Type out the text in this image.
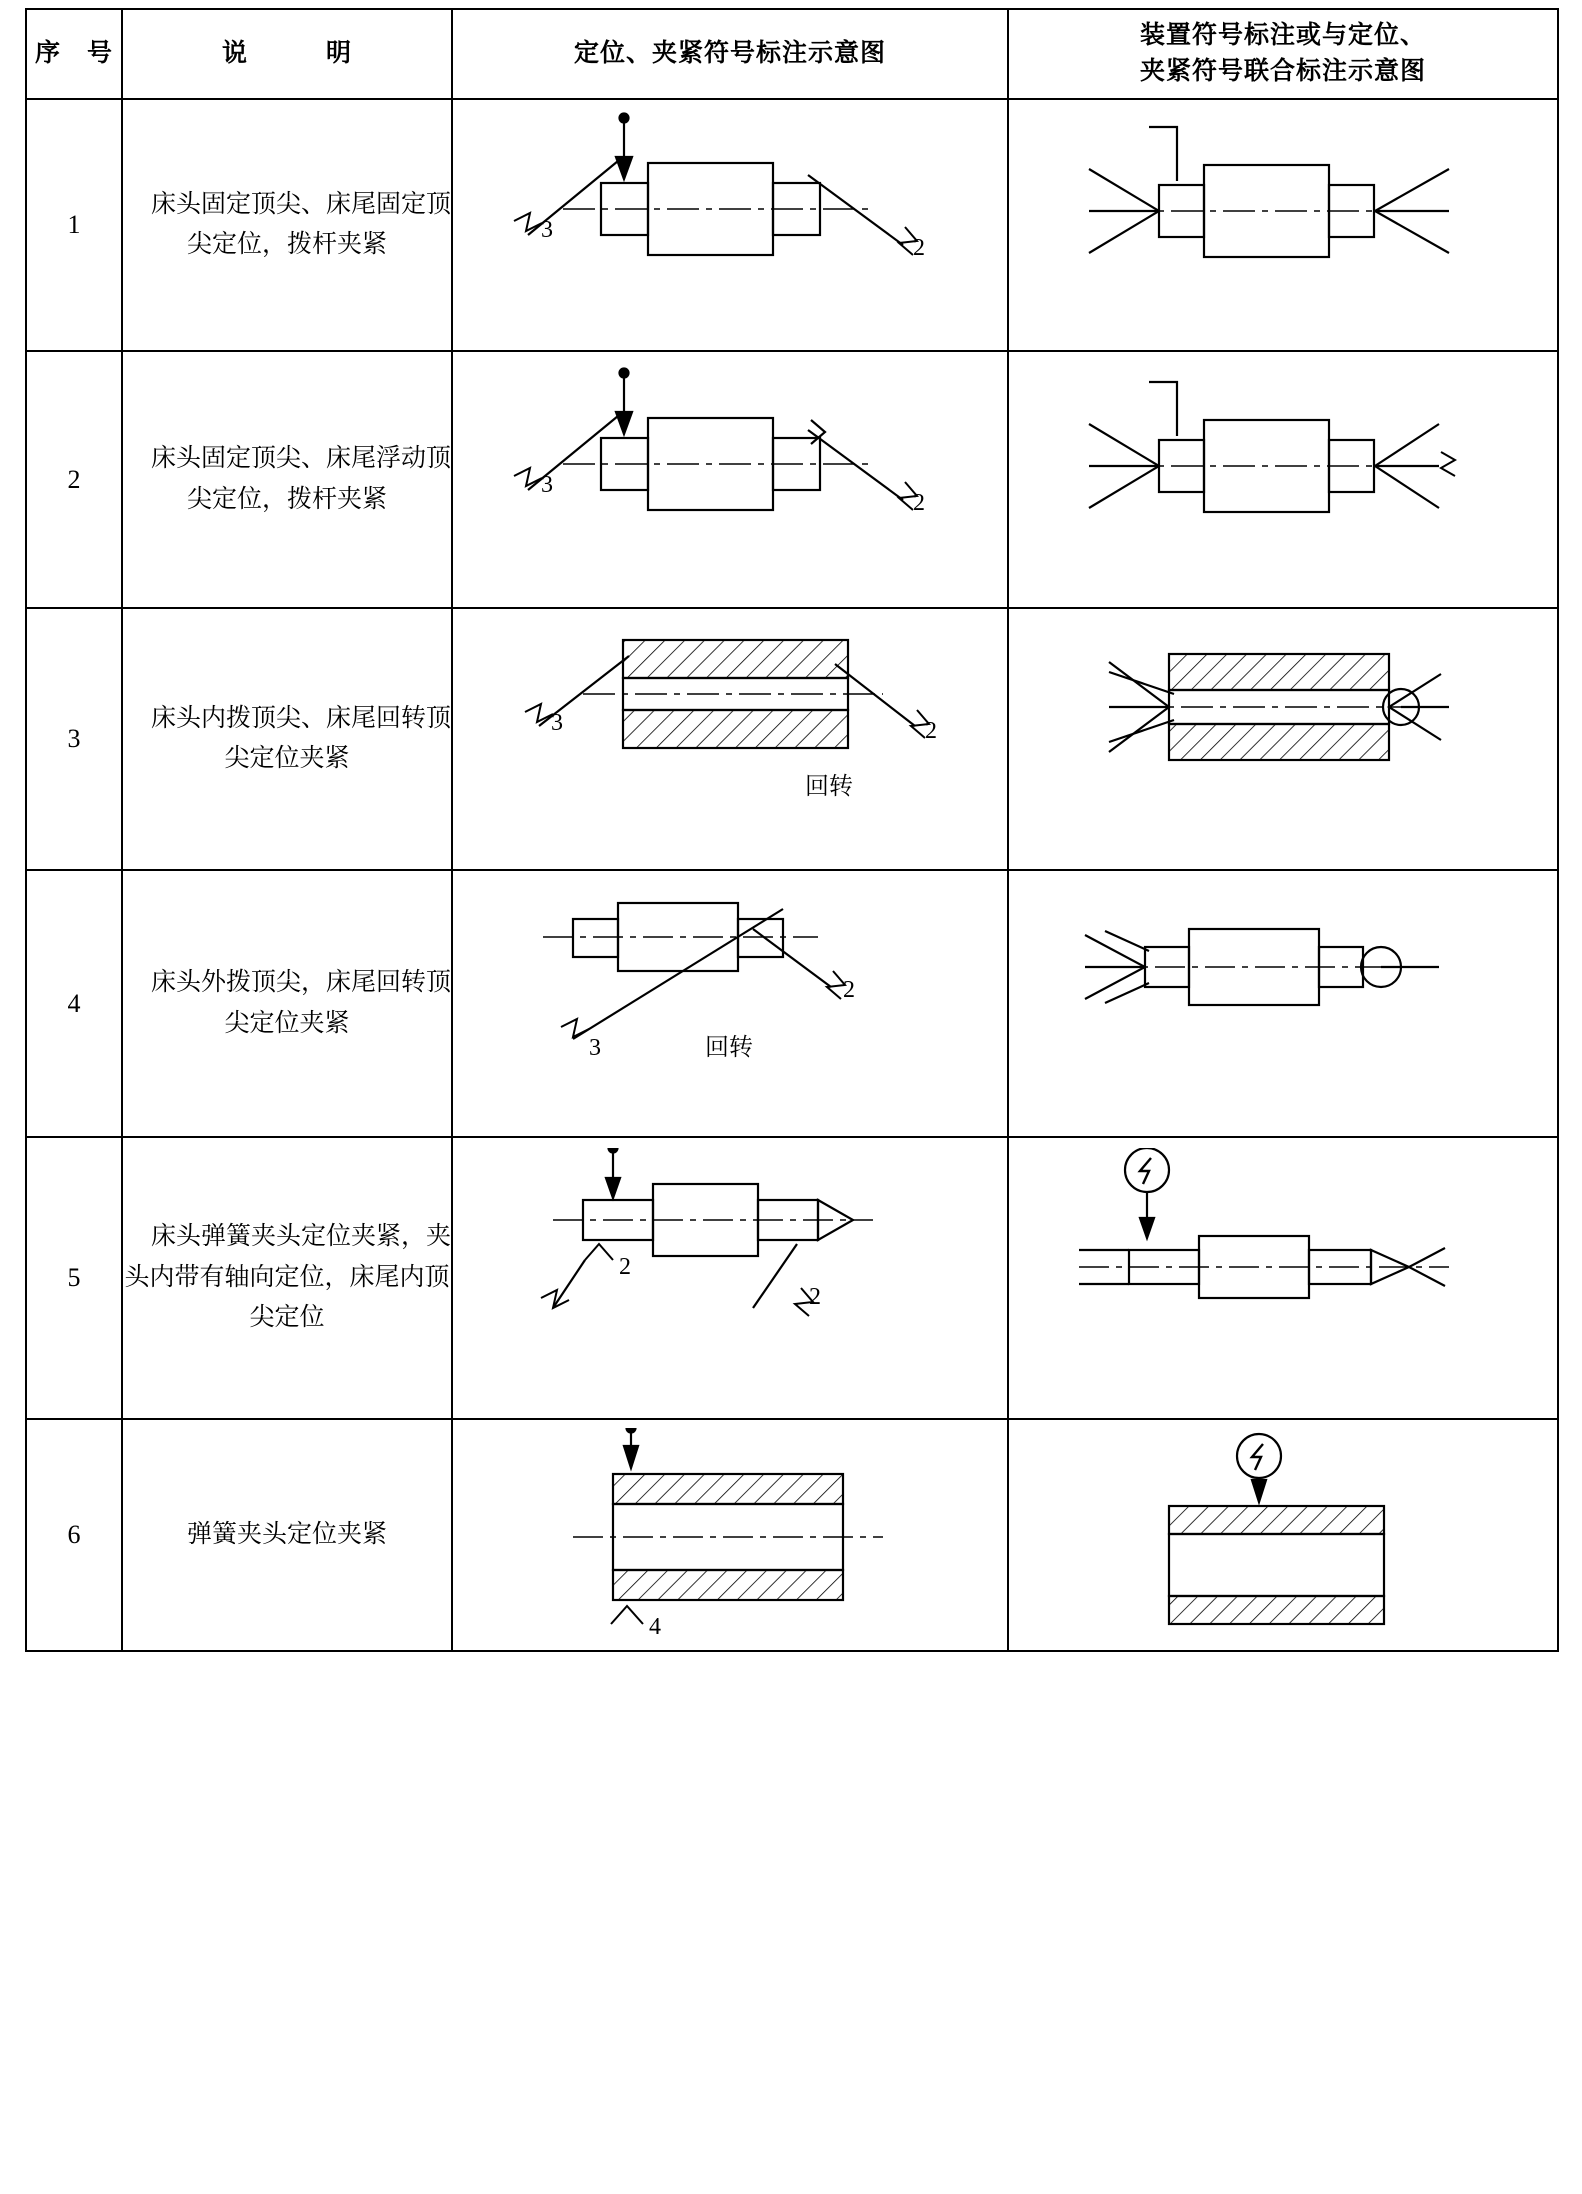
序　号	说　　　明	定位、夹紧符号标注示意图	装置符号标注或与定位、
夹紧符号联合标注示意图

1	床头固定顶尖、床尾固定顶尖定位，拨杆夹紧	3
2

2	床头固定顶尖、床尾浮动顶尖定位，拨杆夹紧	3
2

3	床头内拨顶尖、床尾回转顶尖定位夹紧	3 2
回转

4	床头外拨顶尖，床尾回转顶尖定位夹紧	3
2
回转

5	床头弹簧夹头定位夹紧，夹头内带有轴向定位，床尾内顶尖定位	2
2

6	弹簧夹头定位夹紧	4
